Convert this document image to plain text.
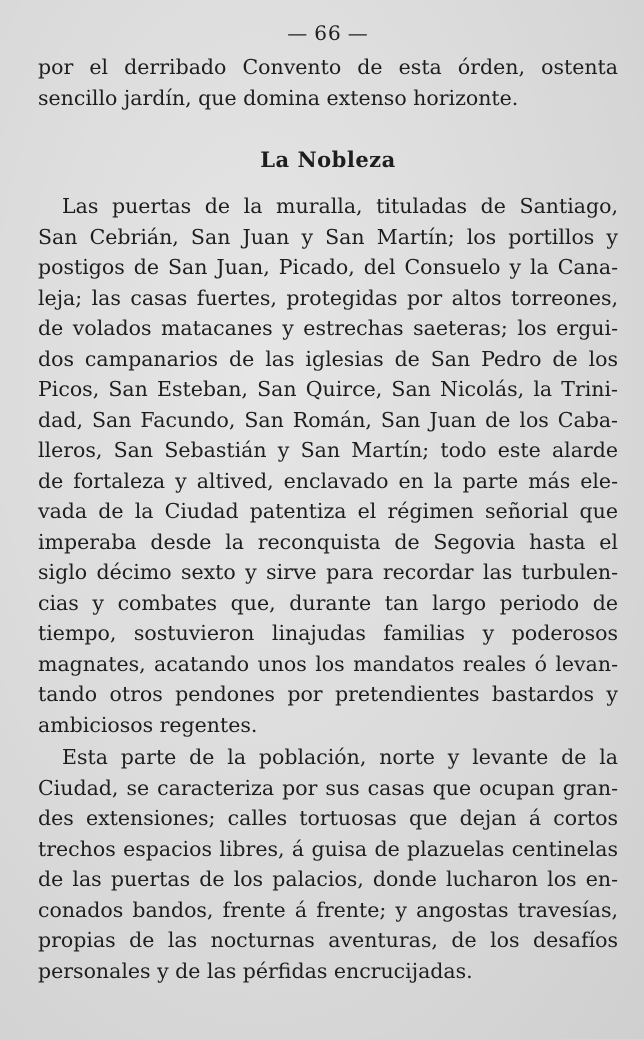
— 66 —
por el derribado Convento de esta órden, ostenta
sencillo jardín, que domina extenso horizonte.
La Nobleza
Las puertas de la muralla, tituladas de Santiago,
San Cebrián, San Juan y San Martín; los portillos y
postigos de San Juan, Picado, del Consuelo y la Cana-
leja; las casas fuertes, protegidas por altos torreones,
de volados matacanes y estrechas saeteras; los ergui-
dos campanarios de las iglesias de San Pedro de los
Picos, San Esteban, San Quirce, San Nicolás, la Trini-
dad, San Facundo, San Román, San Juan de los Caba-
lleros, San Sebastián y San Martín; todo este alarde
de fortaleza y altived, enclavado en la parte más ele-
vada de la Ciudad patentiza el régimen señorial que
imperaba desde la reconquista de Segovia hasta el
siglo décimo sexto y sirve para recordar las turbulen-
cias y combates que, durante tan largo periodo de
tiempo, sostuvieron linajudas familias y poderosos
magnates, acatando unos los mandatos reales ó levan-
tando otros pendones por pretendientes bastardos y
ambiciosos regentes.
Esta parte de la población, norte y levante de la
Ciudad, se caracteriza por sus casas que ocupan gran-
des extensiones; calles tortuosas que dejan á cortos
trechos espacios libres, á guisa de plazuelas centinelas
de las puertas de los palacios, donde lucharon los en-
conados bandos, frente á frente; y angostas travesías,
propias de las nocturnas aventuras, de los desafíos
personales y de las pérfidas encrucijadas.
